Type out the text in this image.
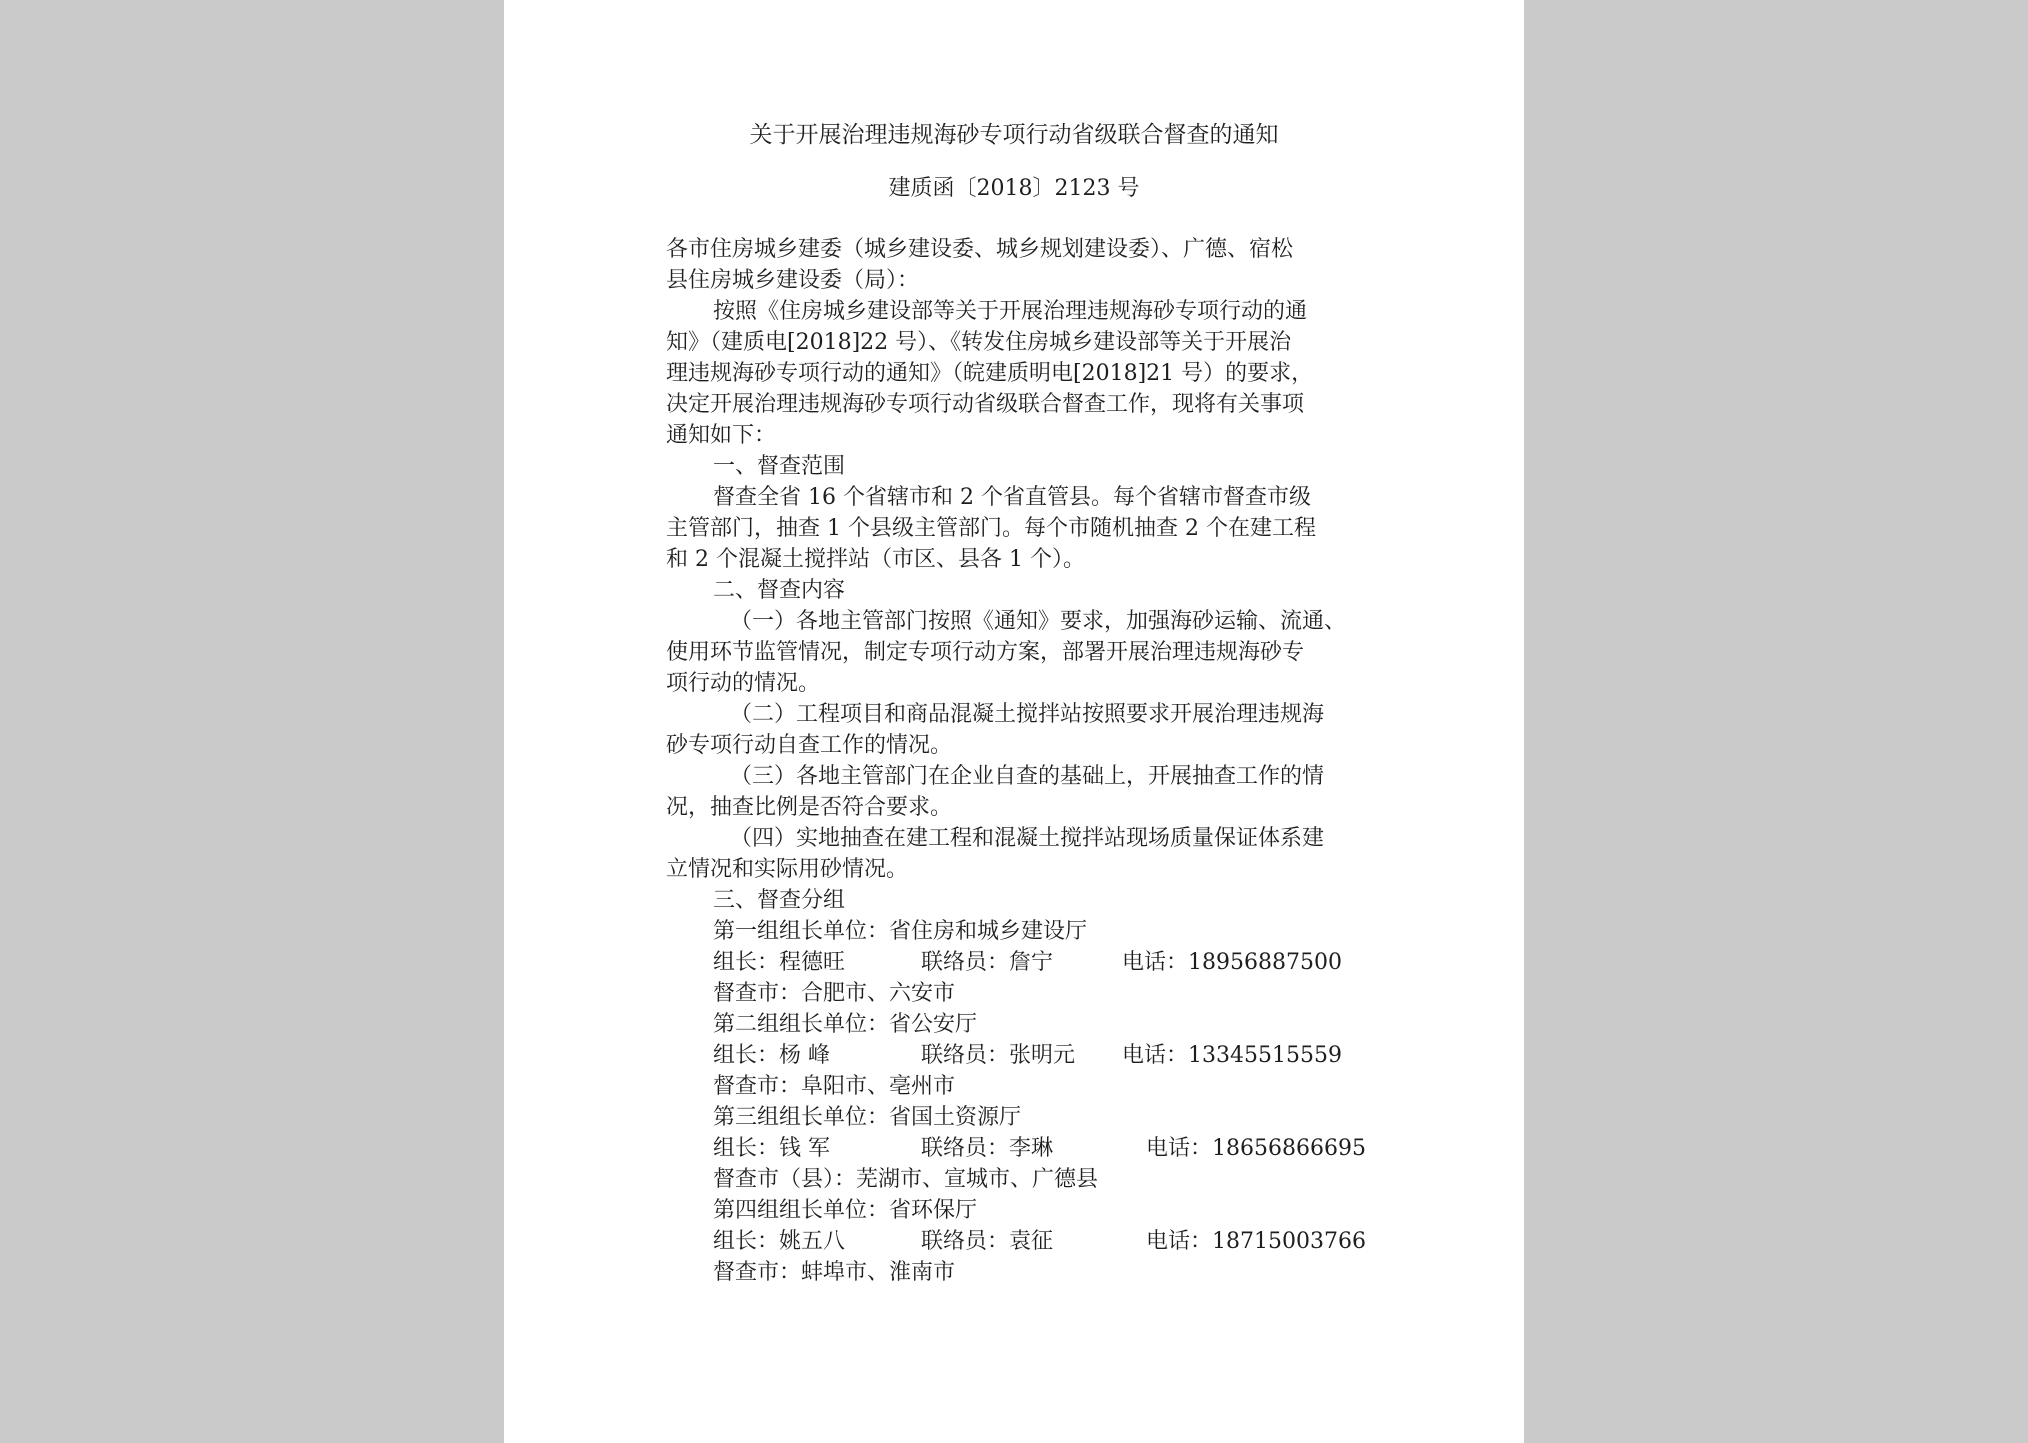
关于开展治理违规海砂专项行动省级联合督查的通知
建质函〔2018〕2123 号
各市住房城乡建委（城乡建设委、城乡规划建设委）、广德、宿松
县住房城乡建设委（局）：
按照《住房城乡建设部等关于开展治理违规海砂专项行动的通
知》（建质电[2018]22 号）、《转发住房城乡建设部等关于开展治
理违规海砂专项行动的通知》（皖建质明电[2018]21 号）的要求，
决定开展治理违规海砂专项行动省级联合督查工作，现将有关事项
通知如下：
一、督查范围
督查全省 16 个省辖市和 2 个省直管县。每个省辖市督查市级
主管部门，抽查 1 个县级主管部门。每个市随机抽查 2 个在建工程
和 2 个混凝土搅拌站（市区、县各 1 个）。
二、督查内容
（一）各地主管部门按照《通知》要求，加强海砂运输、流通、
使用环节监管情况，制定专项行动方案，部署开展治理违规海砂专
项行动的情况。
（二）工程项目和商品混凝土搅拌站按照要求开展治理违规海
砂专项行动自查工作的情况。
（三）各地主管部门在企业自查的基础上，开展抽查工作的情
况，抽查比例是否符合要求。
（四）实地抽查在建工程和混凝土搅拌站现场质量保证体系建
立情况和实际用砂情况。
三、督查分组
第一组组长单位：省住房和城乡建设厅
组长：程德旺	联络员：詹宁	电话：18956887500
督查市：合肥市、六安市
第二组组长单位：省公安厅
组长：杨 峰	联络员：张明元 电话：13345515559
督查市：阜阳市、亳州市
第三组组长单位：省国土资源厅
组长：钱 军	联络员：李琳	电话：18656866695
督查市（县）：芜湖市、宣城市、广德县
第四组组长单位：省环保厅
组长：姚五八	联络员：袁征	电话：18715003766
督查市：蚌埠市、淮南市
